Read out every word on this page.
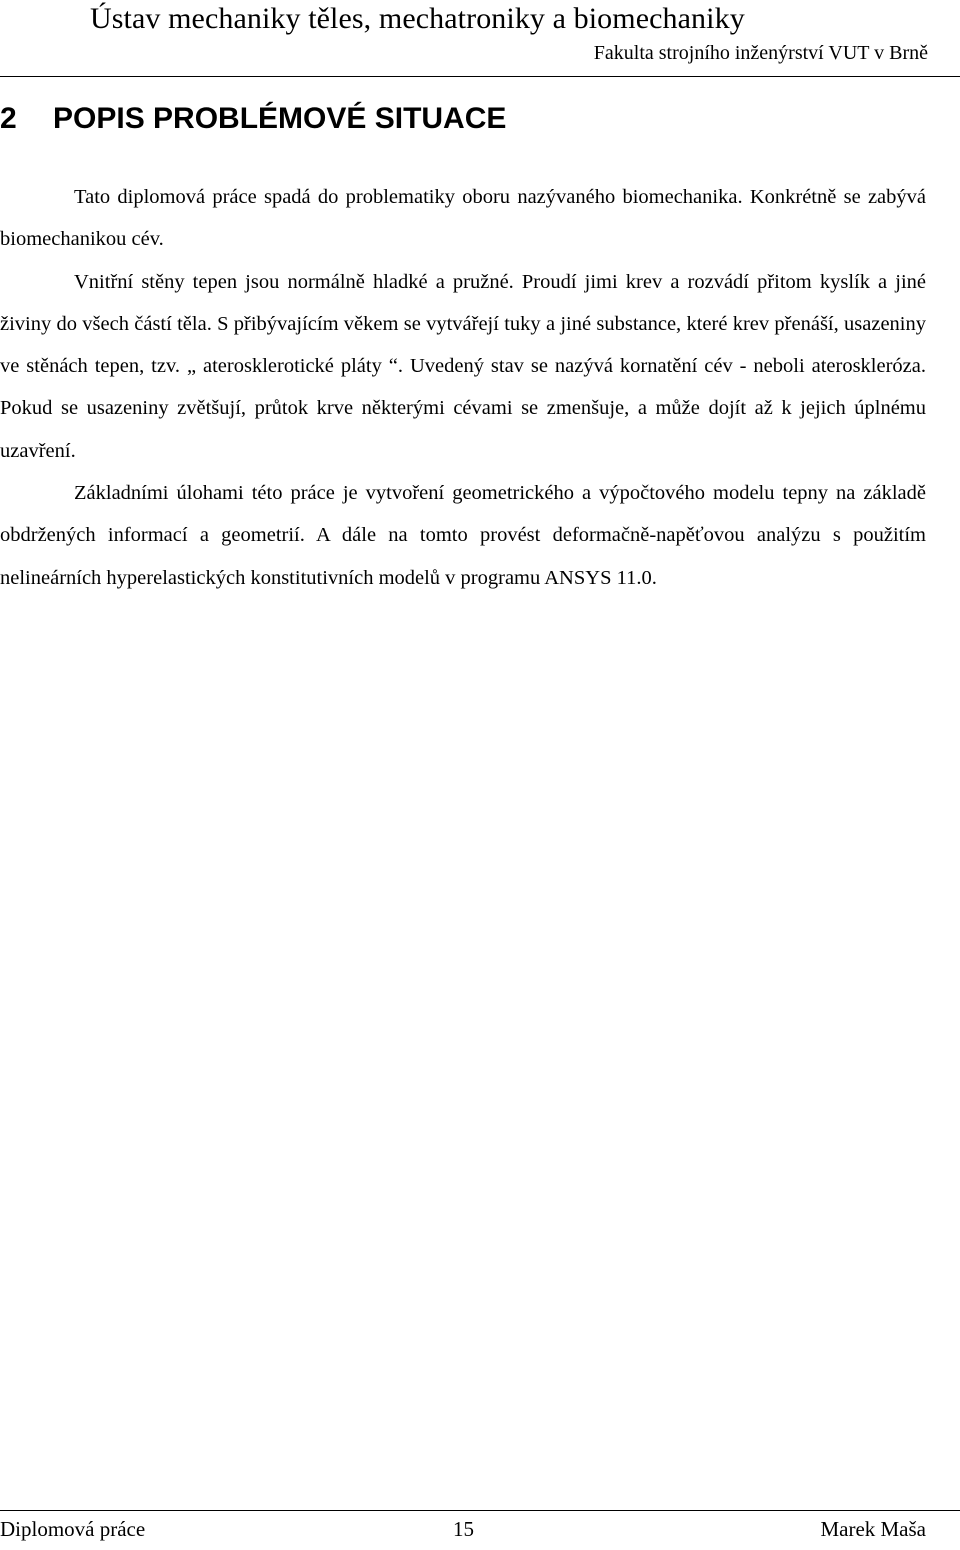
Ústav mechaniky těles, mechatroniky a biomechaniky
Fakulta strojního inženýrství VUT v Brně
2 POPIS PROBLÉMOVÉ SITUACE

Tato diplomová práce spadá do problematiky oboru nazývaného biomechanika. Konkrétně se zabývá biomechanikou cév.

Vnitřní stěny tepen jsou normálně hladké a pružné. Proudí jimi krev a rozvádí přitom kyslík a jiné živiny do všech částí těla. S přibývajícím věkem se vytvářejí tuky a jiné substance, které krev přenáší, usazeniny ve stěnách tepen, tzv. „ aterosklerotické pláty “. Uvedený stav se nazývá kornatění cév - neboli ateroskleróza. Pokud se usazeniny zvětšují, průtok krve některými cévami se zmenšuje, a může dojít až k jejich úplnému uzavření.

Základními úlohami této práce je vytvoření geometrického a výpočtového modelu tepny na základě obdržených informací a geometrií. A dále na tomto provést deformačně-napěťovou analýzu s použitím nelineárních hyperelastických konstitutivních modelů v programu ANSYS 11.0.

Diplomová práce	15	Marek Maša
